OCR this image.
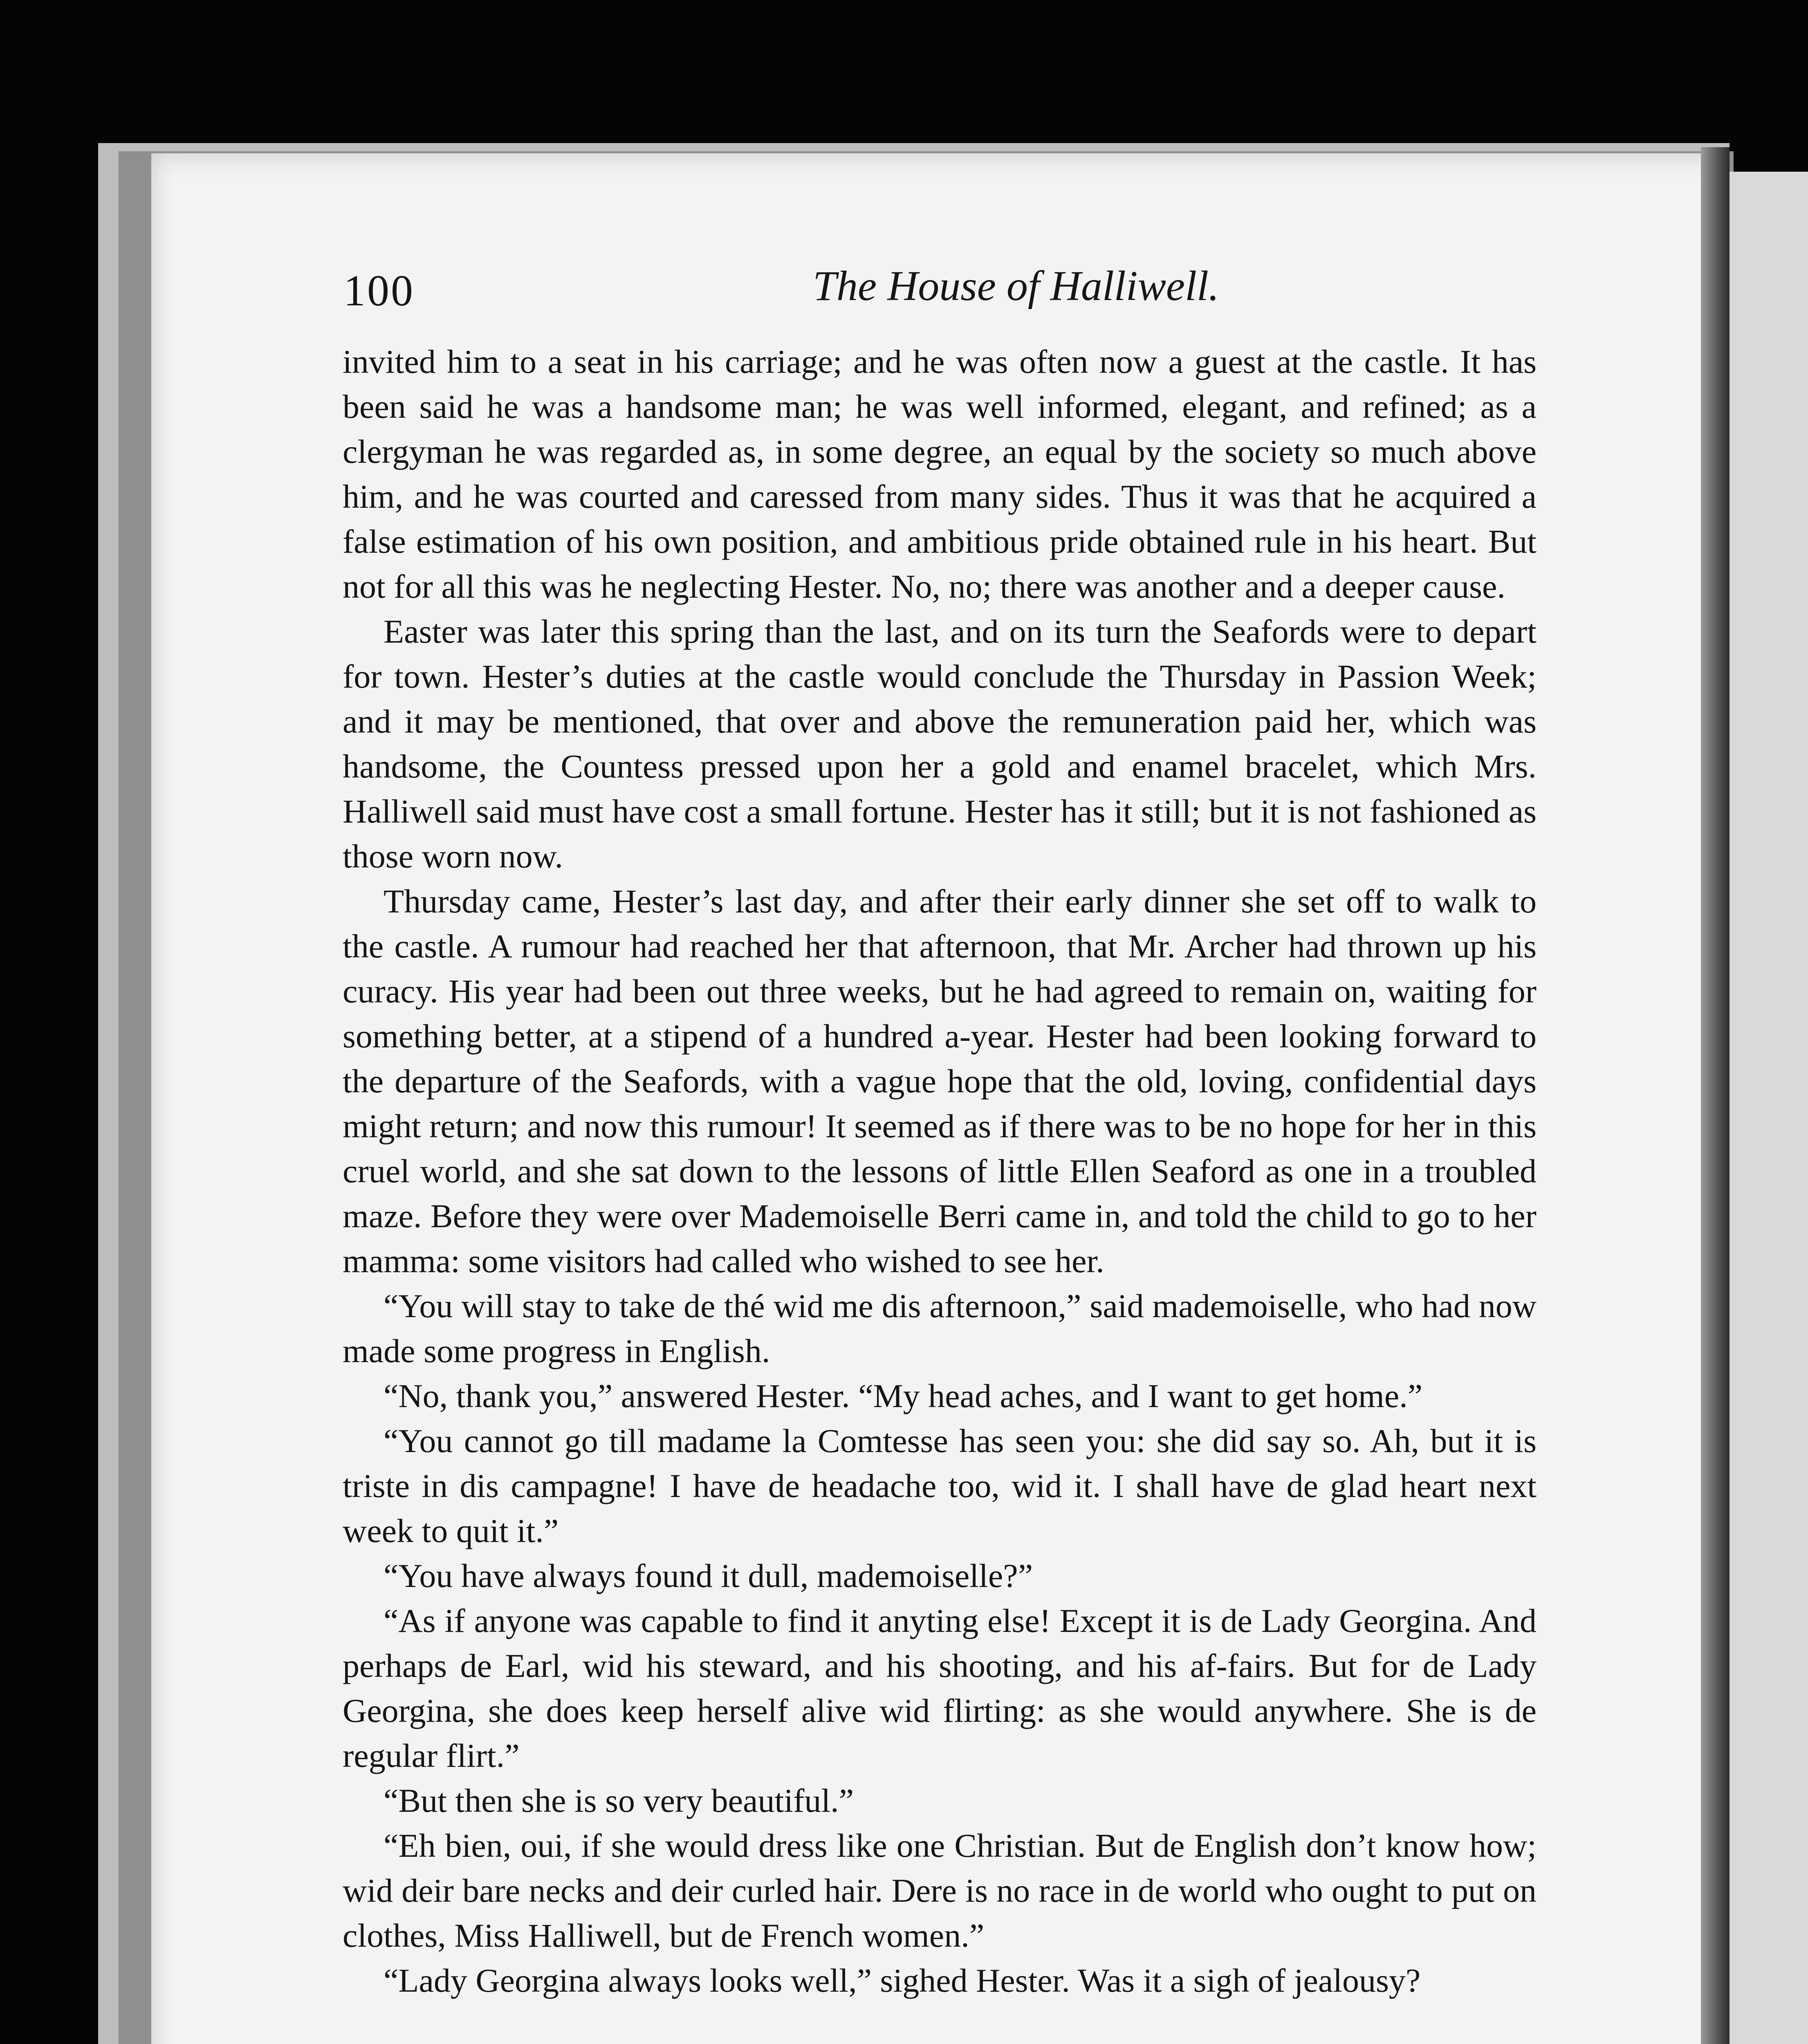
100	The House of Halliwell.

invited him to a seat in his carriage; and he was often now a guest at the castle. It has been said he was a handsome man; he was well informed, elegant, and refined; as a clergyman he was regarded as, in some degree, an equal by the society so much above him, and he was courted and caressed from many sides. Thus it was that he acquired a false estimation of his own position, and ambitious pride obtained rule in his heart. But not for all this was he neglecting Hester. No, no; there was another and a deeper cause.

Easter was later this spring than the last, and on its turn the Seafords were to depart for town. Hester’s duties at the castle would conclude the Thursday in Passion Week; and it may be mentioned, that over and above the remuneration paid her, which was handsome, the Countess pressed upon her a gold and enamel bracelet, which Mrs. Halliwell said must have cost a small fortune. Hester has it still; but it is not fashioned as those worn now.

Thursday came, Hester’s last day, and after their early dinner she set off to walk to the castle. A rumour had reached her that afternoon, that Mr. Archer had thrown up his curacy. His year had been out three weeks, but he had agreed to remain on, waiting for something better, at a stipend of a hundred a-year. Hester had been looking forward to the departure of the Seafords, with a vague hope that the old, loving, confidential days might return; and now this rumour! It seemed as if there was to be no hope for her in this cruel world, and she sat down to the lessons of little Ellen Seaford as one in a troubled maze. Before they were over Mademoiselle Berri came in, and told the child to go to her mamma: some visitors had called who wished to see her.

“You will stay to take de thé wid me dis afternoon,” said mademoiselle, who had now made some progress in English.

“No, thank you,” answered Hester. “My head aches, and I want to get home.”

“You cannot go till madame la Comtesse has seen you: she did say so. Ah, but it is triste in dis campagne! I have de headache too, wid it. I shall have de glad heart next week to quit it.”

“You have always found it dull, mademoiselle?”

“As if anyone was capable to find it anyting else! Except it is de Lady Georgina. And perhaps de Earl, wid his steward, and his shooting, and his af-fairs. But for de Lady Georgina, she does keep herself alive wid flirting: as she would anywhere. She is de regular flirt.”

“But then she is so very beautiful.”

“Eh bien, oui, if she would dress like one Christian. But de English don’t know how; wid deir bare necks and deir curled hair. Dere is no race in de world who ought to put on clothes, Miss Halliwell, but de French women.”

“Lady Georgina always looks well,” sighed Hester. Was it a sigh of jealousy?
